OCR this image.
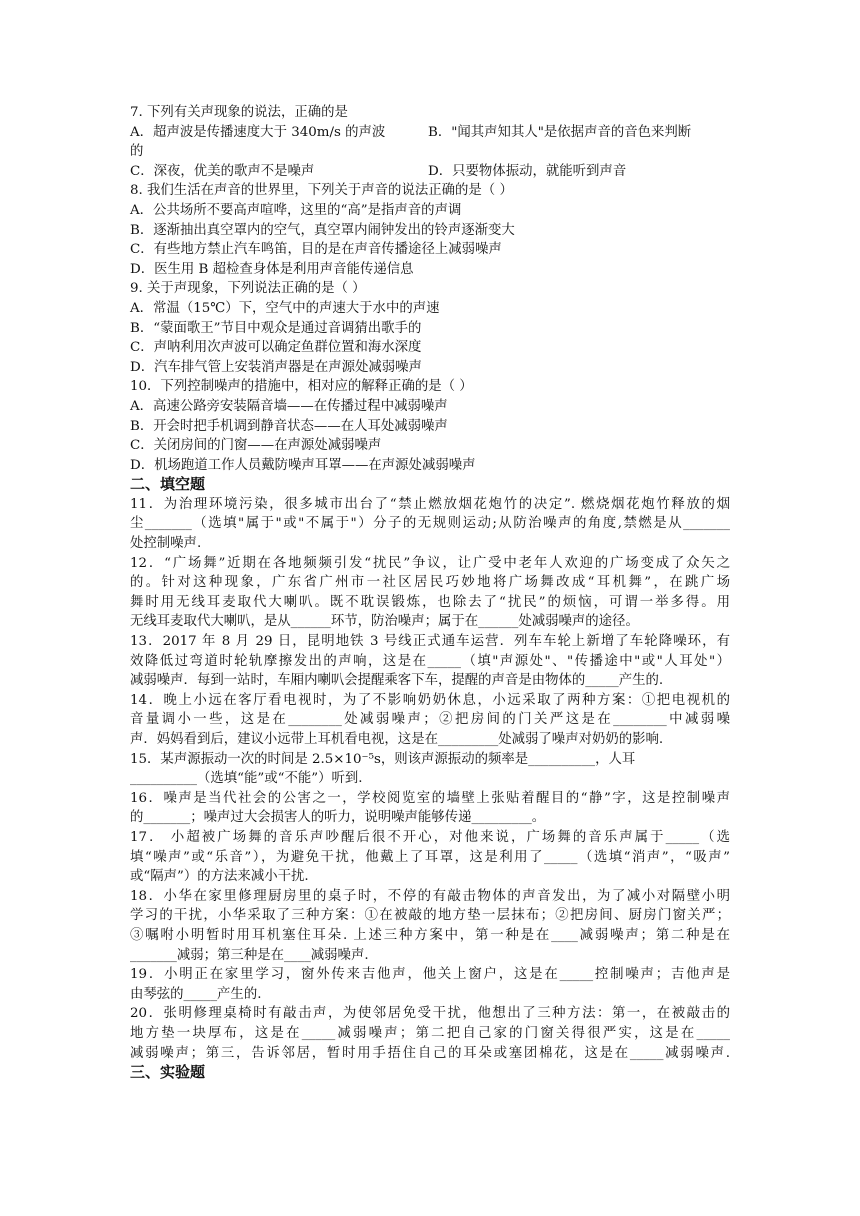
7. 下列有关声现象的说法，正确的是
A．超声波是传播速度大于 340m/s 的声波	B．"闻其声知其人"是依据声音的音色来判断
的
C．深夜，优美的歌声不是噪声	D．只要物体振动，就能听到声音
8. 我们生活在声音的世界里，下列关于声音的说法正确的是（ ）
A．公共场所不要高声喧哗，这里的“高”是指声音的声调
B．逐渐抽出真空罩内的空气，真空罩内闹钟发出的铃声逐渐变大
C．有些地方禁止汽车鸣笛，目的是在声音传播途径上减弱噪声
D．医生用 B 超检查身体是利用声音能传递信息
9. 关于声现象，下列说法正确的是（ ）
A．常温（15℃）下，空气中的声速大于水中的声速
B．“蒙面歌王”节目中观众是通过音调猜出歌手的
C．声呐利用次声波可以确定鱼群位置和海水深度
D．汽车排气管上安装消声器是在声源处减弱噪声
10．下列控制噪声的措施中，相对应的解释正确的是（ ）
A．高速公路旁安装隔音墙——在传播过程中减弱噪声
B．开会时把手机调到静音状态——在人耳处减弱噪声
C．关闭房间的门窗——在声源处减弱噪声
D．机场跑道工作人员戴防噪声耳罩——在声源处减弱噪声
二、填空题
11．为治理环境污染，很多城市出台了“禁止燃放烟花炮竹的决定”. 燃烧烟花炮竹释放的烟
尘_______（选填"属于"或"不属于"）分子的无规则运动;从防治噪声的角度,禁燃是从_______
处控制噪声.
12．“广场舞”近期在各地频频引发“扰民”争议，让广受中老年人欢迎的广场变成了众矢之
的。针对这种现象，广东省广州市一社区居民巧妙地将广场舞改成“耳机舞”，在跳广场
舞时用无线耳麦取代大喇叭。既不耽误锻炼，也除去了“扰民”的烦恼，可谓一举多得。用
无线耳麦取代大喇叭，是从______环节，防治噪声；属于在______处减弱噪声的途径。
13．2017 年 8 月 29 日，昆明地铁 3 号线正式通车运营．列车车轮上新增了车轮降噪环，有
效降低过弯道时轮轨摩擦发出的声响，这是在_____（填"声源处"、"传播途中"或"人耳处"）
减弱噪声．每到一站时，车厢内喇叭会提醒乘客下车，提醒的声音是由物体的_____产生的.
14．晚上小远在客厅看电视时，为了不影响奶奶休息，小远采取了两种方案：①把电视机的
音量调小一些，这是在________处减弱噪声；②把房间的门关严这是在________中减弱噪
声．妈妈看到后，建议小远带上耳机看电视，这是在_________处减弱了噪声对奶奶的影响.
15．某声源振动一次的时间是 2.5×10⁻⁵s，则该声源振动的频率是__________，人耳
__________（选填“能”或“不能”）听到.
16．噪声是当代社会的公害之一，学校阅览室的墙壁上张贴着醒目的“静”字，这是控制噪声
的_______；噪声过大会损害人的听力，说明噪声能够传递_________。
17． 小超被广场舞的音乐声吵醒后很不开心，对他来说，广场舞的音乐声属于_____（选
填“噪声”或“乐音”），为避免干扰，他戴上了耳罩，这是利用了_____（选填“消声”，“吸声”
或“隔声”）的方法来减小干扰.
18．小华在家里修理厨房里的桌子时，不停的有敲击物体的声音发出，为了减小对隔壁小明
学习的干扰，小华采取了三种方案：①在被敲的地方垫一层抹布；②把房间、厨房门窗关严；
③嘱咐小明暂时用耳机塞住耳朵. 上述三种方案中，第一种是在____减弱噪声；第二种是在
_______减弱；第三种是在____减弱噪声.
19．小明正在家里学习，窗外传来吉他声，他关上窗户，这是在_____控制噪声；吉他声是
由琴弦的_____产生的.
20．张明修理桌椅时有敲击声，为使邻居免受干扰，他想出了三种方法：第一，在被敲击的
地方垫一块厚布，这是在_____减弱噪声；第二把自己家的门窗关得很严实，这是在_____
减弱噪声；第三，告诉邻居，暂时用手捂住自己的耳朵或塞团棉花，这是在_____减弱噪声.
三、实验题
